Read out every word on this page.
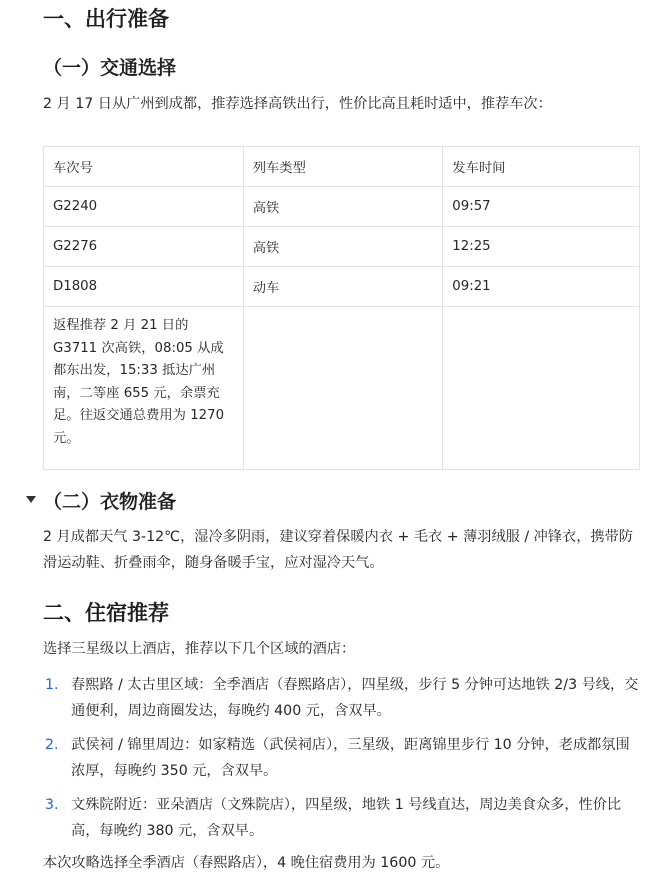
一、出行准备
（一）交通选择
2 月 17 日从广州到成都，推荐选择高铁出行，性价比高且耗时适中，推荐车次：
车次号	列车类型	发车时间
G2240	高铁	09:57
G2276	高铁	12:25
D1808	动车	09:21
返程推荐 2 月 21 日的 G3711 次高铁，08:05 从成都东出发，15:33 抵达广州南，二等座 655 元，余票充足。往返交通总费用为 1270 元。		
（二）衣物准备
2 月成都天气 3-12℃，湿冷多阴雨，建议穿着保暖内衣 + 毛衣 + 薄羽绒服 / 冲锋衣，携带防滑运动鞋、折叠雨伞，随身备暖手宝，应对湿冷天气。
二、住宿推荐
选择三星级以上酒店，推荐以下几个区域的酒店：
1. 春熙路 / 太古里区域：全季酒店（春熙路店），四星级，步行 5 分钟可达地铁 2/3 号线，交通便利，周边商圈发达，每晚约 400 元，含双早。
2. 武侯祠 / 锦里周边：如家精选（武侯祠店），三星级，距离锦里步行 10 分钟，老成都氛围浓厚，每晚约 350 元，含双早。
3. 文殊院附近：亚朵酒店（文殊院店），四星级，地铁 1 号线直达，周边美食众多，性价比高，每晚约 380 元，含双早。
本次攻略选择全季酒店（春熙路店），4 晚住宿费用为 1600 元。
